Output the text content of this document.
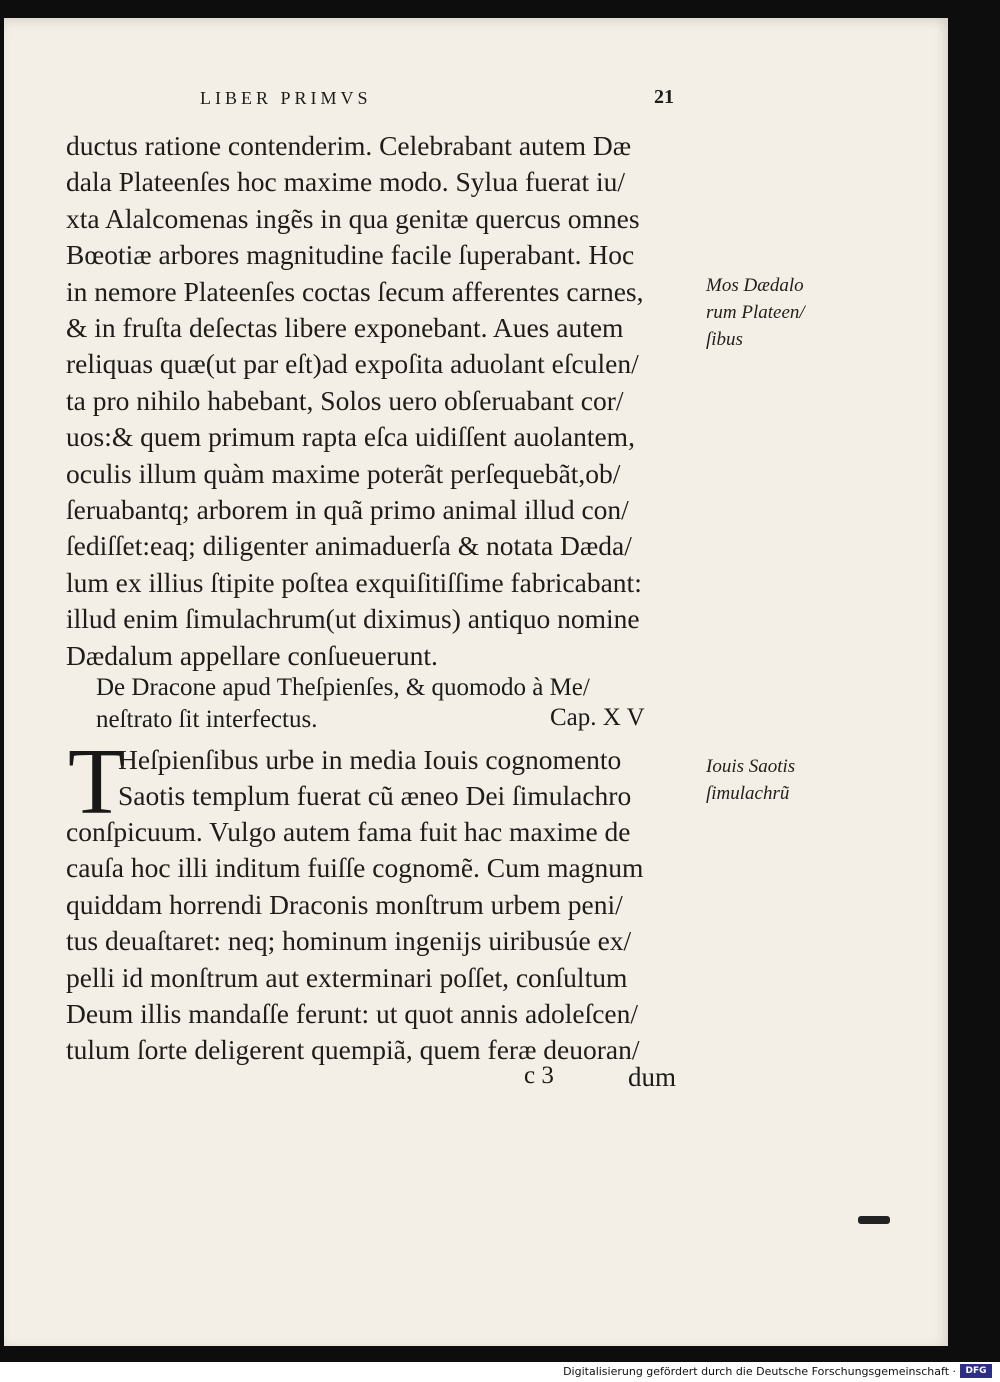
LIBER PRIMVS	21
ductus ratione contenderim. Celebrabant autem Dæ
dala Plateenſes hoc maxime modo. Sylua fuerat iu/
xta Alalcomenas ingẽs in qua genitæ quercus omnes
Bœotiæ arbores magnitudine facile ſuperabant. Hoc
in nemore Plateenſes coctas ſecum afferentes carnes,
& in fruſta deſectas libere exponebant. Aues autem
reliquas quæ(ut par eſt)ad expoſita aduolant eſculen/
ta pro nihilo habebant, Solos uero obſeruabant cor/
uos:& quem primum rapta eſca uidiſſent auolantem,
oculis illum quàm maxime poterãt perſequebãt,ob/
ſeruabantq; arborem in quã primo animal illud con/
ſediſſet:eaq; diligenter animaduerſa & notata Dæda/
lum ex illius ſtipite poſtea exquiſitiſſime fabricabant:
illud enim ſimulachrum(ut diximus) antiquo nomine
Dædalum appellare conſueuerunt.
De Dracone apud Theſpienſes, & quomodo à Me/
neſtrato ſit interfectus.	Cap. X V
T
Heſpienſibus urbe in media Iouis cognomento
Saotis templum fuerat cũ æneo Dei ſimulachro
conſpicuum. Vulgo autem fama fuit hac maxime de
cauſa hoc illi inditum fuiſſe cognomẽ. Cum magnum
quiddam horrendi Draconis monſtrum urbem peni/
tus deuaſtaret: neq; hominum ingenijs uiribusúe ex/
pelli id monſtrum aut exterminari poſſet, conſultum
Deum illis mandaſſe ferunt: ut quot annis adoleſcen/
tulum ſorte deligerent quempiã, quem feræ deuoran/
c 3	dum
Mos Dædalo
rum Plateen/
ſibus
Iouis Saotis
ſimulachrũ
Digitalisierung gefördert durch die Deutsche Forschungsgemeinschaft ·	DFG
